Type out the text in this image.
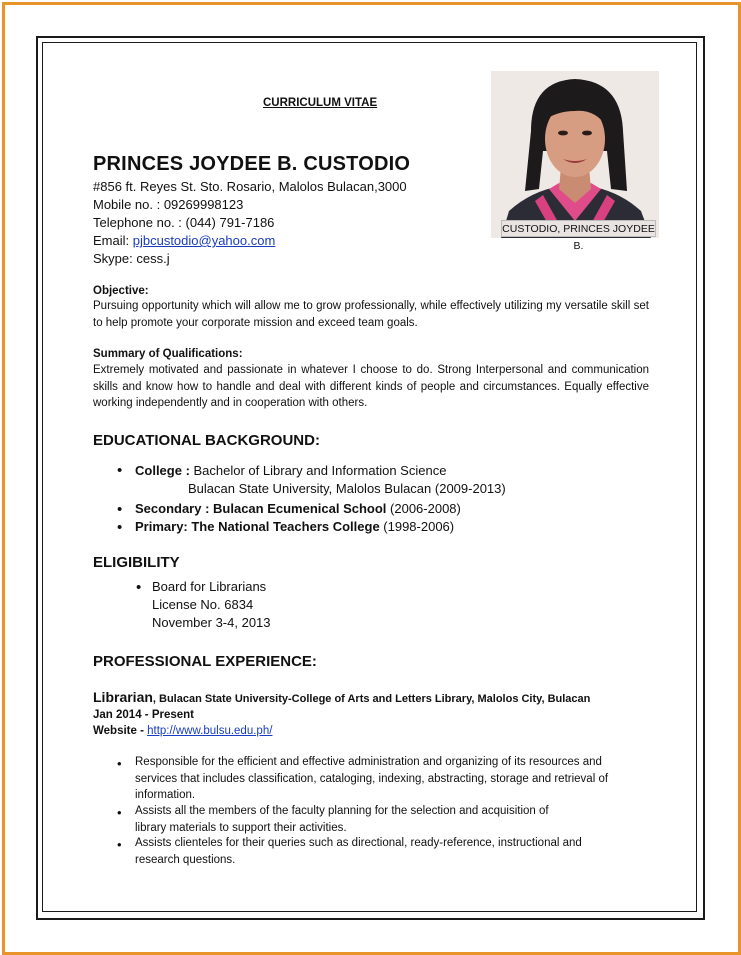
CURRICULUM VITAE
PRINCES JOYDEE B. CUSTODIO
#856 ft. Reyes St. Sto. Rosario, Malolos Bulacan,3000
Mobile no. : 09269998123
Telephone no. : (044) 791-7186
Email: pjbcustodio@yahoo.com
Skype: cess.j
CUSTODIO, PRINCES JOYDEE B.
Objective:
Pursuing opportunity which will allow me to grow professionally, while effectively utilizing my versatile skill set to help promote your corporate mission and exceed team goals.
Summary of Qualifications:
Extremely motivated and passionate in whatever I choose to do. Strong Interpersonal and communication skills and know how to handle and deal with different kinds of people and circumstances. Equally effective working independently and in cooperation with others.
EDUCATIONAL BACKGROUND:
• College : Bachelor of Library and Information Science
Bulacan State University, Malolos Bulacan (2009-2013)
• Secondary : Bulacan Ecumenical School (2006-2008)
• Primary: The National Teachers College (1998-2006)
ELIGIBILITY
• Board for Librarians
License No. 6834
November 3-4, 2013
PROFESSIONAL EXPERIENCE:
Librarian, Bulacan State University-College of Arts and Letters Library, Malolos City, Bulacan
Jan 2014 - Present
Website - http://www.bulsu.edu.ph/
• Responsible for the efficient and effective administration and organizing of its resources and services that includes classification, cataloging, indexing, abstracting, storage and retrieval of information.
• Assists all the members of the faculty planning for the selection and acquisition of library materials to support their activities.
• Assists clienteles for their queries such as directional, ready-reference, instructional and research questions.
